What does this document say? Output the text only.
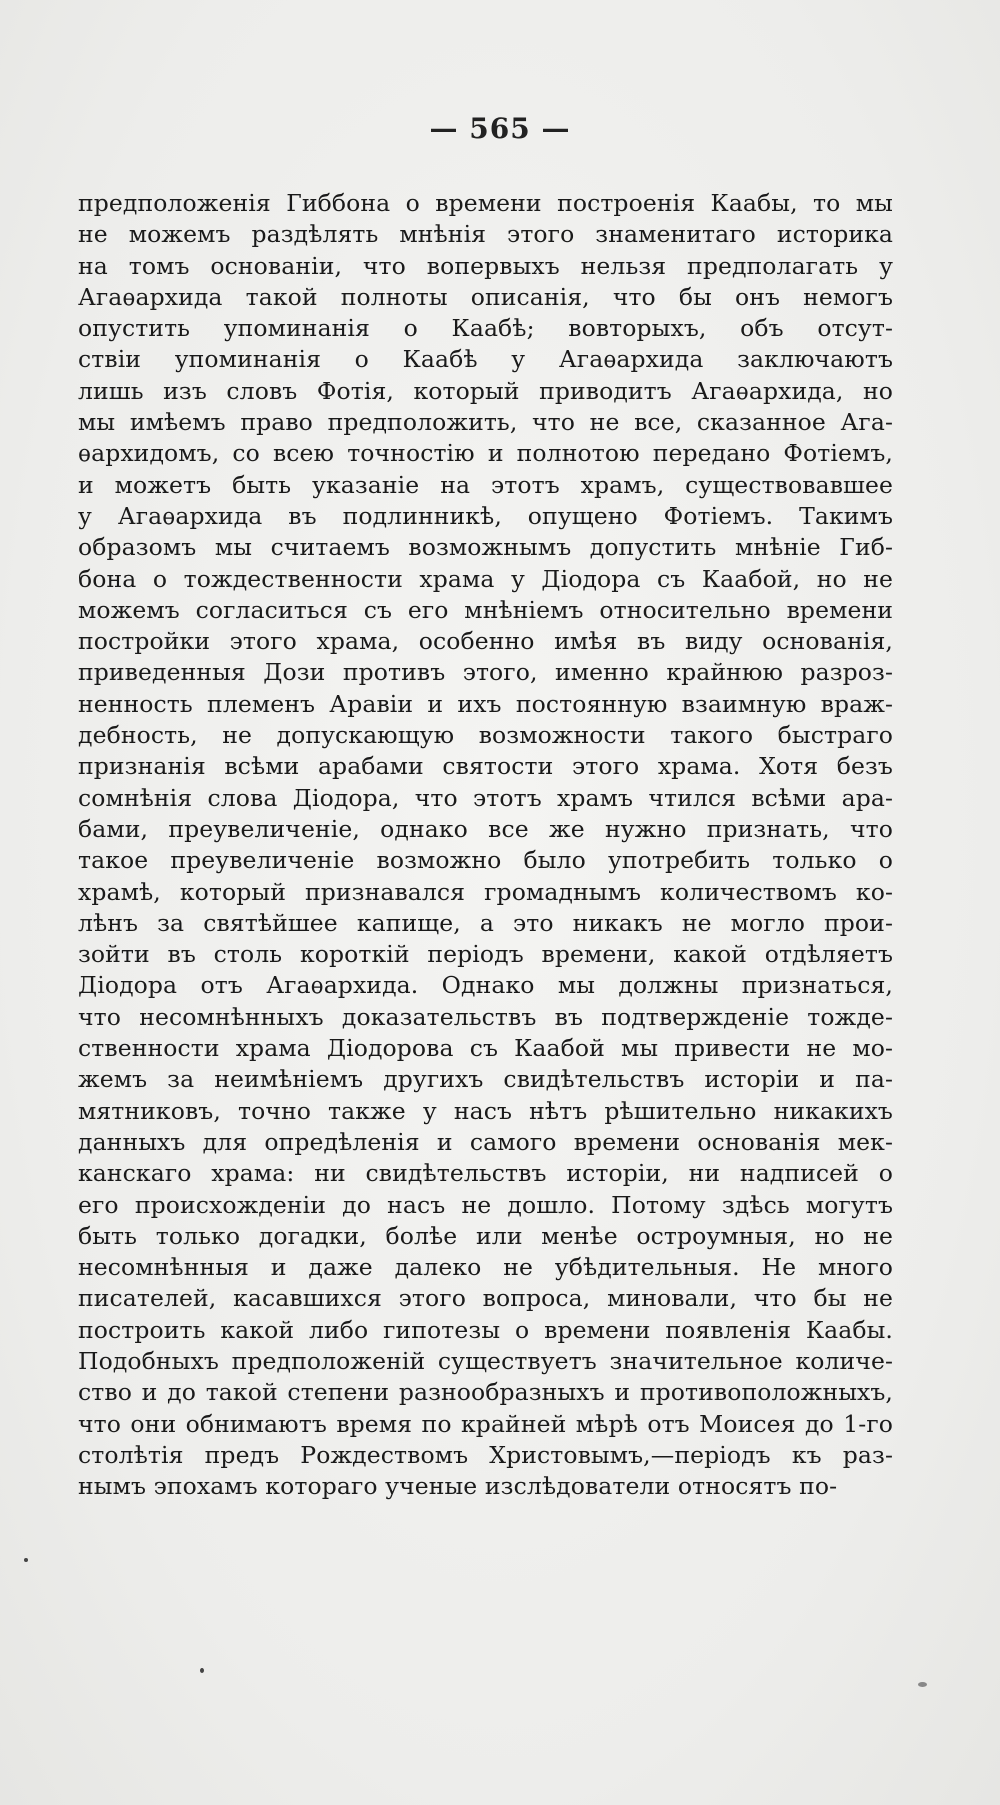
— 565 —
предположенія Гиббона о времени построенія Каабы, то мы
не можемъ раздѣлять мнѣнія этого знаменитаго историка
на томъ основаніи, что вопервыхъ нельзя предполагать у
Агаѳархида такой полноты описанія, что бы онъ немогъ
опустить упоминанія о Каабѣ; вовторыхъ, объ отсут-
ствіи упоминанія о Каабѣ у Агаѳархида заключаютъ
лишь изъ словъ Фотія, который приводитъ Агаѳархида, но
мы имѣемъ право предположить, что не все, сказанное Ага-
ѳархидомъ, со всею точностію и полнотою передано Фотіемъ,
и можетъ быть указаніе на этотъ храмъ, существовавшее
у Агаѳархида въ подлинникѣ, опущено Фотіемъ. Такимъ
образомъ мы считаемъ возможнымъ допустить мнѣніе Гиб-
бона о тождественности храма у Діодора съ Каабой, но не
можемъ согласиться съ его мнѣніемъ относительно времени
постройки этого храма, особенно имѣя въ виду основанія,
приведенныя Дози противъ этого, именно крайнюю разроз-
ненность племенъ Аравіи и ихъ постоянную взаимную враж-
дебность, не допускающую возможности такого быстраго
признанія всѣми арабами святости этого храма. Хотя безъ
сомнѣнія слова Діодора, что этотъ храмъ чтился всѣми ара-
бами, преувеличеніе, однако все же нужно признать, что
такое преувеличеніе возможно было употребить только о
храмѣ, который признавался громаднымъ количествомъ ко-
лѣнъ за святѣйшее капище, а это никакъ не могло прои-
зойти въ столь короткій періодъ времени, какой отдѣляетъ
Діодора отъ Агаѳархида. Однако мы должны признаться,
что несомнѣнныхъ доказательствъ въ подтвержденіе тожде-
ственности храма Діодорова съ Каабой мы привести не мо-
жемъ за неимѣніемъ другихъ свидѣтельствъ исторіи и па-
мятниковъ, точно также у насъ нѣтъ рѣшительно никакихъ
данныхъ для опредѣленія и самого времени основанія мек-
канскаго храма: ни свидѣтельствъ исторіи, ни надписей о
его происхожденіи до насъ не дошло. Потому здѣсь могутъ
быть только догадки, болѣе или менѣе остроумныя, но не
несомнѣнныя и даже далеко не убѣдительныя. Не много
писателей, касавшихся этого вопроса, миновали, что бы не
построить какой либо гипотезы о времени появленія Каабы.
Подобныхъ предположеній существуетъ значительное количе-
ство и до такой степени разнообразныхъ и противоположныхъ,
что они обнимаютъ время по крайней мѣрѣ отъ Моисея до 1-го
столѣтія предъ Рождествомъ Христовымъ,—періодъ къ раз-
нымъ эпохамъ котораго ученые изслѣдователи относятъ по-
